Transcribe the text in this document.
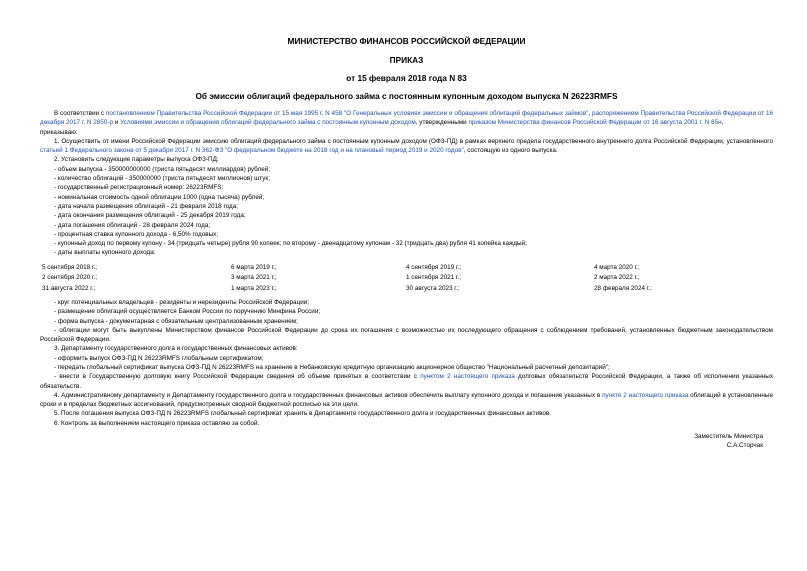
МИНИСТЕРСТВО ФИНАНСОВ РОССИЙСКОЙ ФЕДЕРАЦИИ
ПРИКАЗ
от 15 февраля 2018 года N 83
Об эмиссии облигаций федерального займа с постоянным купонным доходом выпуска N 26223RMFS

В соответствии с постановлением Правительства Российской Федерации от 15 мая 1995 г. N 458 "О Генеральных условиях эмиссии и обращения облигаций федеральных займов", распоряжением Правительства Российской Федерации от 16 декабря 2017 г. N 2850-р и Условиями эмиссии и обращения облигаций федерального займа с постоянным купонным доходом, утвержденными приказом Министерства финансов Российской Федерации от 16 августа 2001 г. N 65н,

приказываю:

1. Осуществить от имени Российской Федерации эмиссию облигаций федерального займа с постоянным купонным доходом (ОФЗ-ПД) в рамках верхнего предела государственного внутреннего долга Российской Федерации, установленного статьей 1 Федерального закона от 5 декабря 2017 г. N 362-ФЗ "О федеральном бюджете на 2018 год и на плановый период 2019 и 2020 годов", состоящую из одного выпуска.

2. Установить следующие параметры выпуска ОФЗ-ПД:

- объем выпуска - 350000000000 (триста пятьдесят миллиардов) рублей;

- количество облигаций - 350000000 (триста пятьдесят миллионов) штук;

- государственный регистрационный номер: 26223RMFS;

- номинальная стоимость одной облигации 1000 (одна тысяча) рублей;

- дата начала размещения облигаций - 21 февраля 2018 года;

- дата окончания размещения облигаций - 25 декабря 2019 года;

- дата погашения облигаций - 28 февраля 2024 года;

- процентная ставка купонного дохода - 6,50% годовых;

- купонный доход по первому купону - 34 (тридцать четыре) рубля 90 копеек; по второму - двенадцатому купонам - 32 (тридцать два) рубля 41 копейка каждый;

- даты выплаты купонного дохода:

5 сентября 2018 г.;	6 марта 2019 г.;	4 сентября 2019 г.;	4 марта 2020 г.;
2 сентября 2020 г.;	3 марта 2021 г.;	1 сентября 2021 г.;	2 марта 2022 г.;
31 августа 2022 г.;	1 марта 2023 г.;	30 августа 2023 г.;	28 февраля 2024 г.;

- круг потенциальных владельцев - резиденты и нерезиденты Российской Федерации;

- размещение облигаций осуществляется Банком России по поручению Минфина России;

- форма выпуска - документарная с обязательным централизованным хранением;

- облигации могут быть выкуплены Министерством финансов Российской Федерации до срока их погашения с возможностью их последующего обращения с соблюдением требований, установленных бюджетным законодательством Российской Федерации.

3. Департаменту государственного долга и государственных финансовых активов:

- оформить выпуск ОФЗ-ПД N 26223RMFS глобальным сертификатом;

- передать глобальный сертификат выпуска ОФЗ-ПД N 26223RMFS на хранение в Небанковскую кредитную организацию акционерное общество "Национальный расчетный депозитарий";

- внести в Государственную долговую книгу Российской Федерации сведения об объеме принятых в соответствии с пунктом 2 настоящего приказа долговых обязательств Российской Федерации, а также об исполнении указанных обязательств.

4. Административному департаменту и Департаменту государственного долга и государственных финансовых активов обеспечить выплату купонного дохода и погашение указанных в пункте 2 настоящего приказа облигаций в установленные сроки и в пределах бюджетных ассигнований, предусмотренных сводной бюджетной росписью на эти цели.

5. После погашения выпуска ОФЗ-ПД N 26223RMFS глобальный сертификат хранить в Департаменте государственного долга и государственных финансовых активов.

6. Контроль за выполнением настоящего приказа оставляю за собой.

Заместитель Министра
С.А.Сторчак
